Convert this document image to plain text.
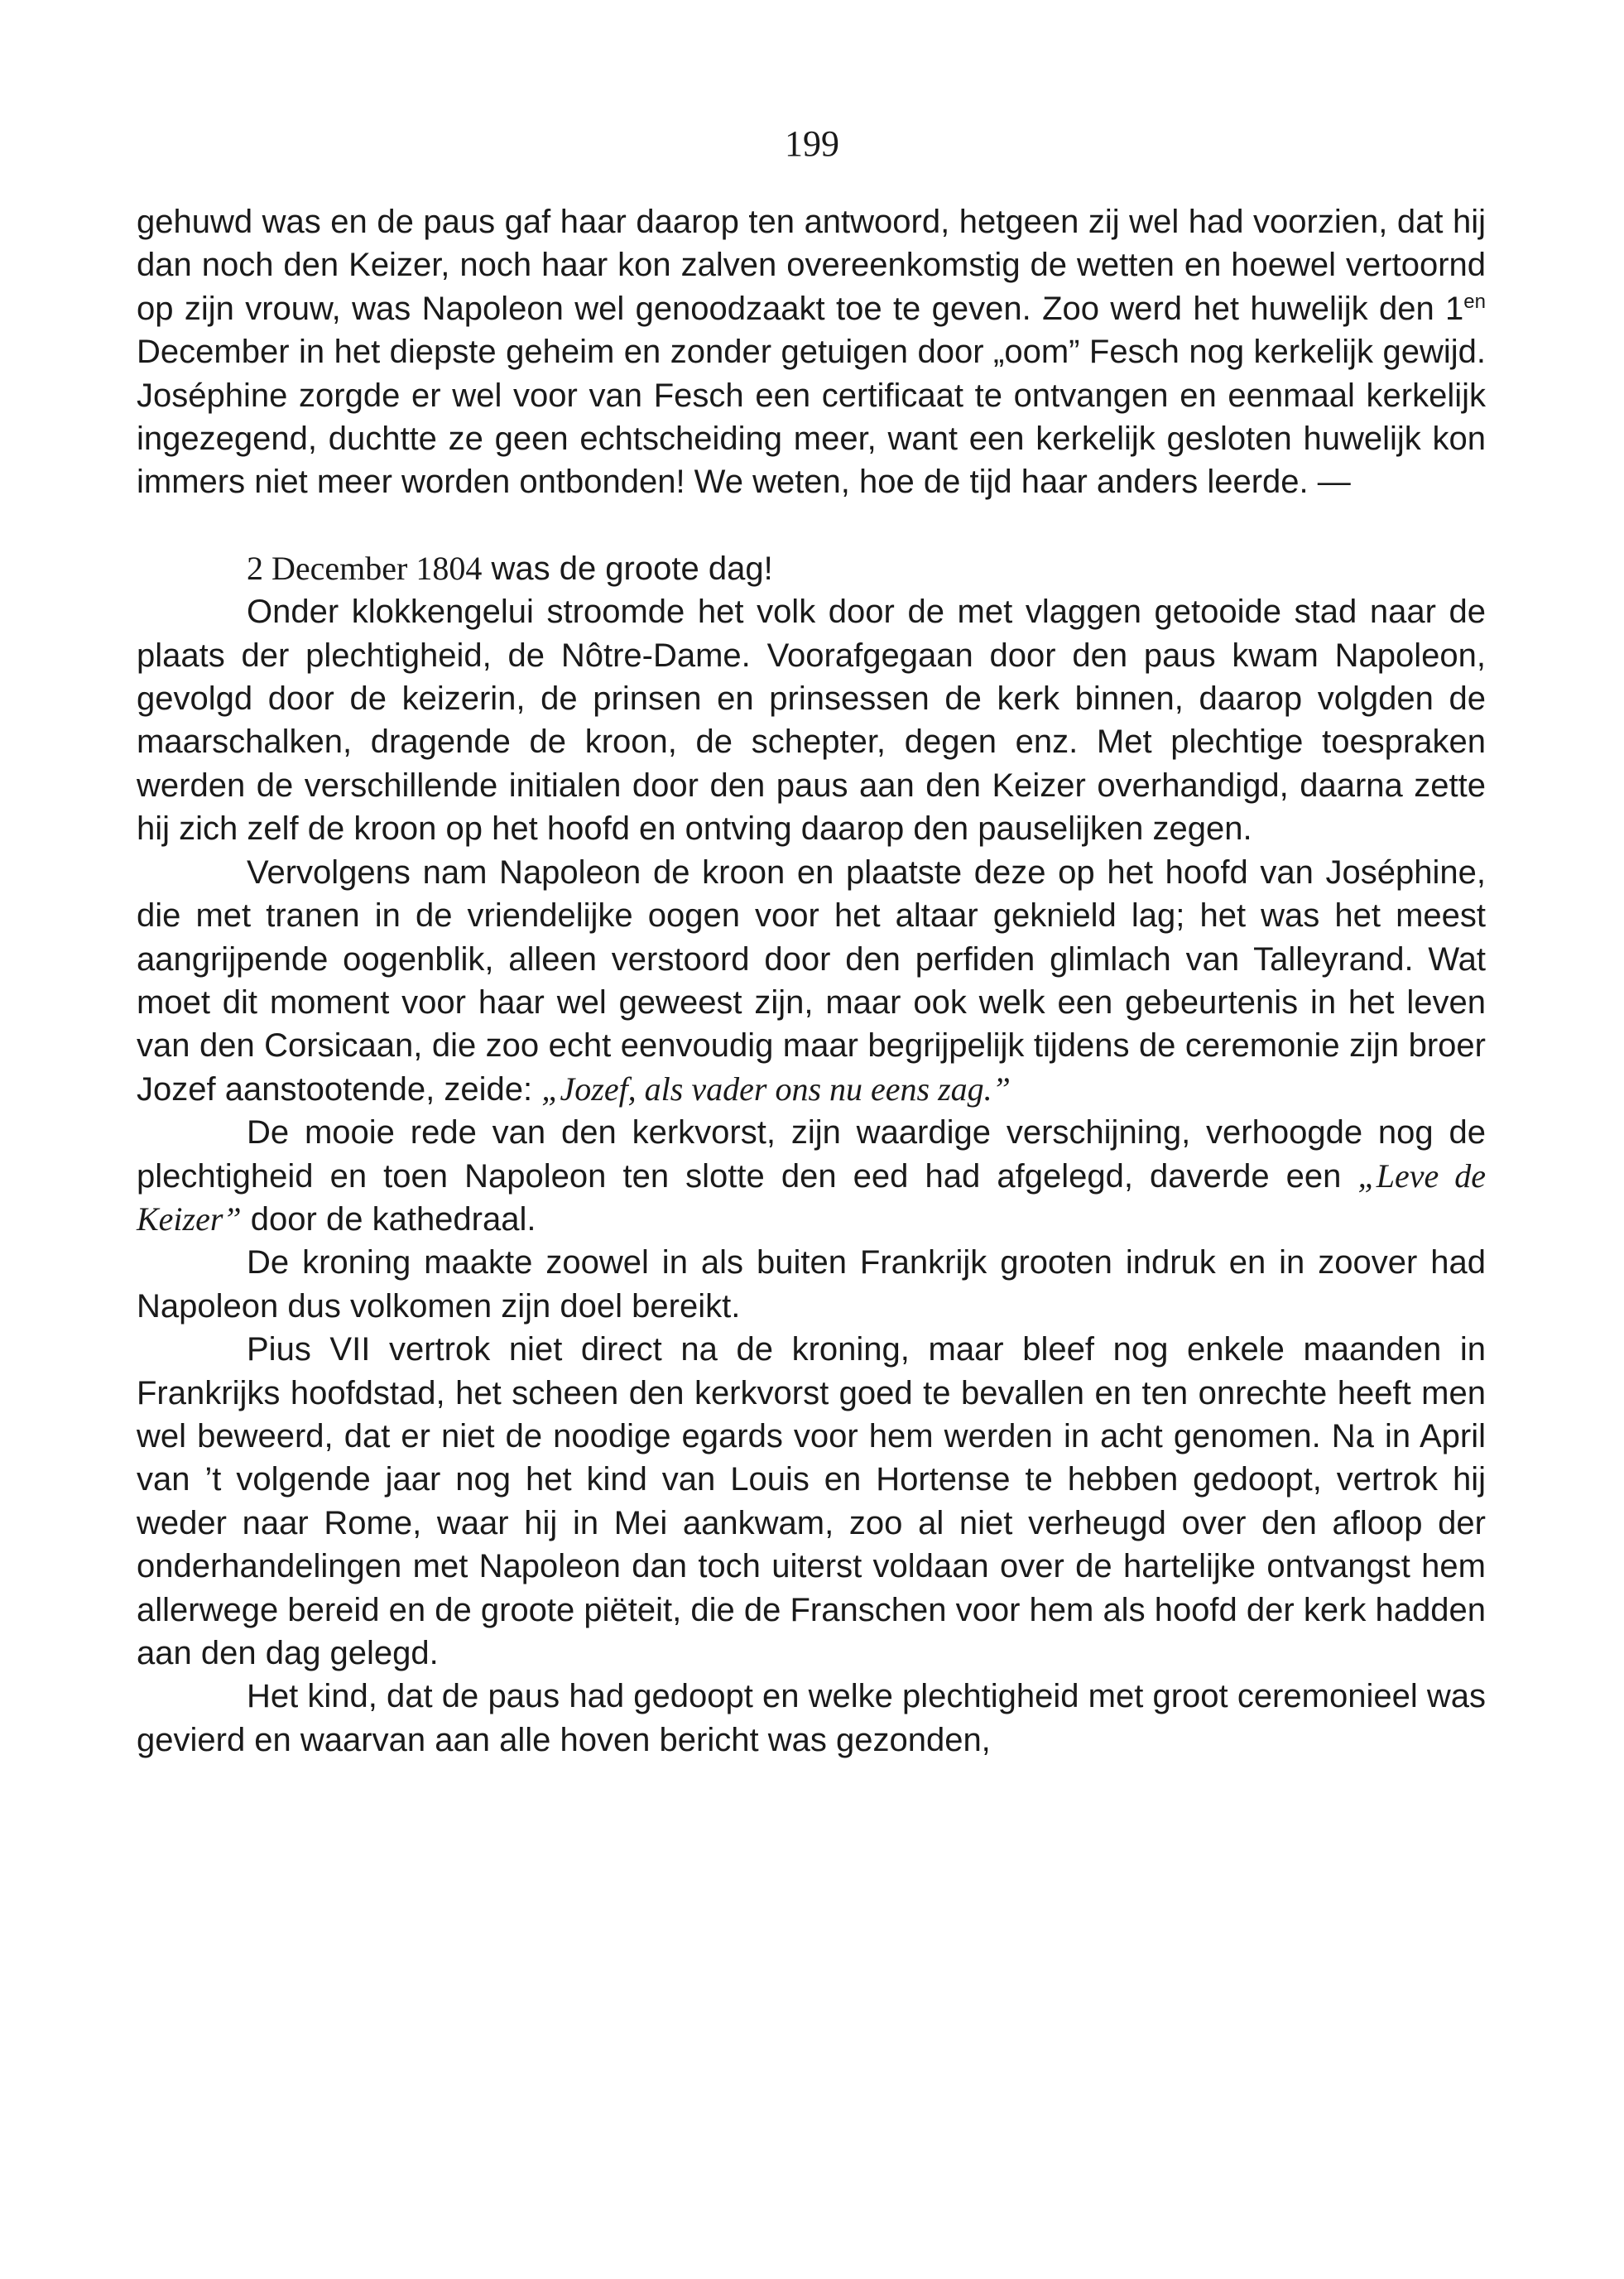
199

gehuwd was en de paus gaf haar daarop ten antwoord, hetgeen zij wel had voorzien, dat hij dan noch den Keizer, noch haar kon zalven overeenkomstig de wetten en hoewel vertoornd op zijn vrouw, was Napoleon wel genoodzaakt toe te geven. Zoo werd het huwelijk den $1^{en}$ December in het diepste geheim en zonder getuigen door „oom” Fesch nog kerkelijk gewijd. Joséphine zorgde er wel voor van Fesch een certificaat te ontvangen en eenmaal kerkelijk ingezegend, duchtte ze geen echtscheiding meer, want een kerkelijk gesloten huwelijk kon immers niet meer worden ontbonden! We weten, hoe de tijd haar anders leerde. —

2 December 1804 was de groote dag!

Onder klokkengelui stroomde het volk door de met vlaggen getooide stad naar de plaats der plechtigheid, de Nôtre-Dame. Voorafgegaan door den paus kwam Napoleon, gevolgd door de keizerin, de prinsen en prinsessen de kerk binnen, daarop volgden de maarschalken, dragende de kroon, de schepter, degen enz. Met plechtige toespraken werden de verschillende initialen door den paus aan den Keizer overhandigd, daarna zette hij zich zelf de kroon op het hoofd en ontving daarop den pauselijken zegen.

Vervolgens nam Napoleon de kroon en plaatste deze op het hoofd van Joséphine, die met tranen in de vriendelijke oogen voor het altaar geknield lag; het was het meest aangrijpende oogenblik, alleen verstoord door den perfiden glimlach van Talleyrand. Wat moet dit moment voor haar wel geweest zijn, maar ook welk een gebeurtenis in het leven van den Corsicaan, die zoo echt eenvoudig maar begrijpelijk tijdens de ceremonie zijn broer Jozef aanstootende, zeide: „Jozef, als vader ons nu eens zag.”

De mooie rede van den kerkvorst, zijn waardige verschijning, verhoogde nog de plechtigheid en toen Napoleon ten slotte den eed had afgelegd, daverde een „Leve de Keizer” door de kathedraal.

De kroning maakte zoowel in als buiten Frankrijk grooten indruk en in zoover had Napoleon dus volkomen zijn doel bereikt.

Pius VII vertrok niet direct na de kroning, maar bleef nog enkele maanden in Frankrijks hoofdstad, het scheen den kerkvorst goed te bevallen en ten onrechte heeft men wel beweerd, dat er niet de noodige egards voor hem werden in acht genomen. Na in April van ’t volgende jaar nog het kind van Louis en Hortense te hebben gedoopt, vertrok hij weder naar Rome, waar hij in Mei aankwam, zoo al niet verheugd over den afloop der onderhandelingen met Napoleon dan toch uiterst voldaan over de hartelijke ontvangst hem allerwege bereid en de groote piëteit, die de Franschen voor hem als hoofd der kerk hadden aan den dag gelegd.

Het kind, dat de paus had gedoopt en welke plechtigheid met groot ceremonieel was gevierd en waarvan aan alle hoven bericht was gezonden,
